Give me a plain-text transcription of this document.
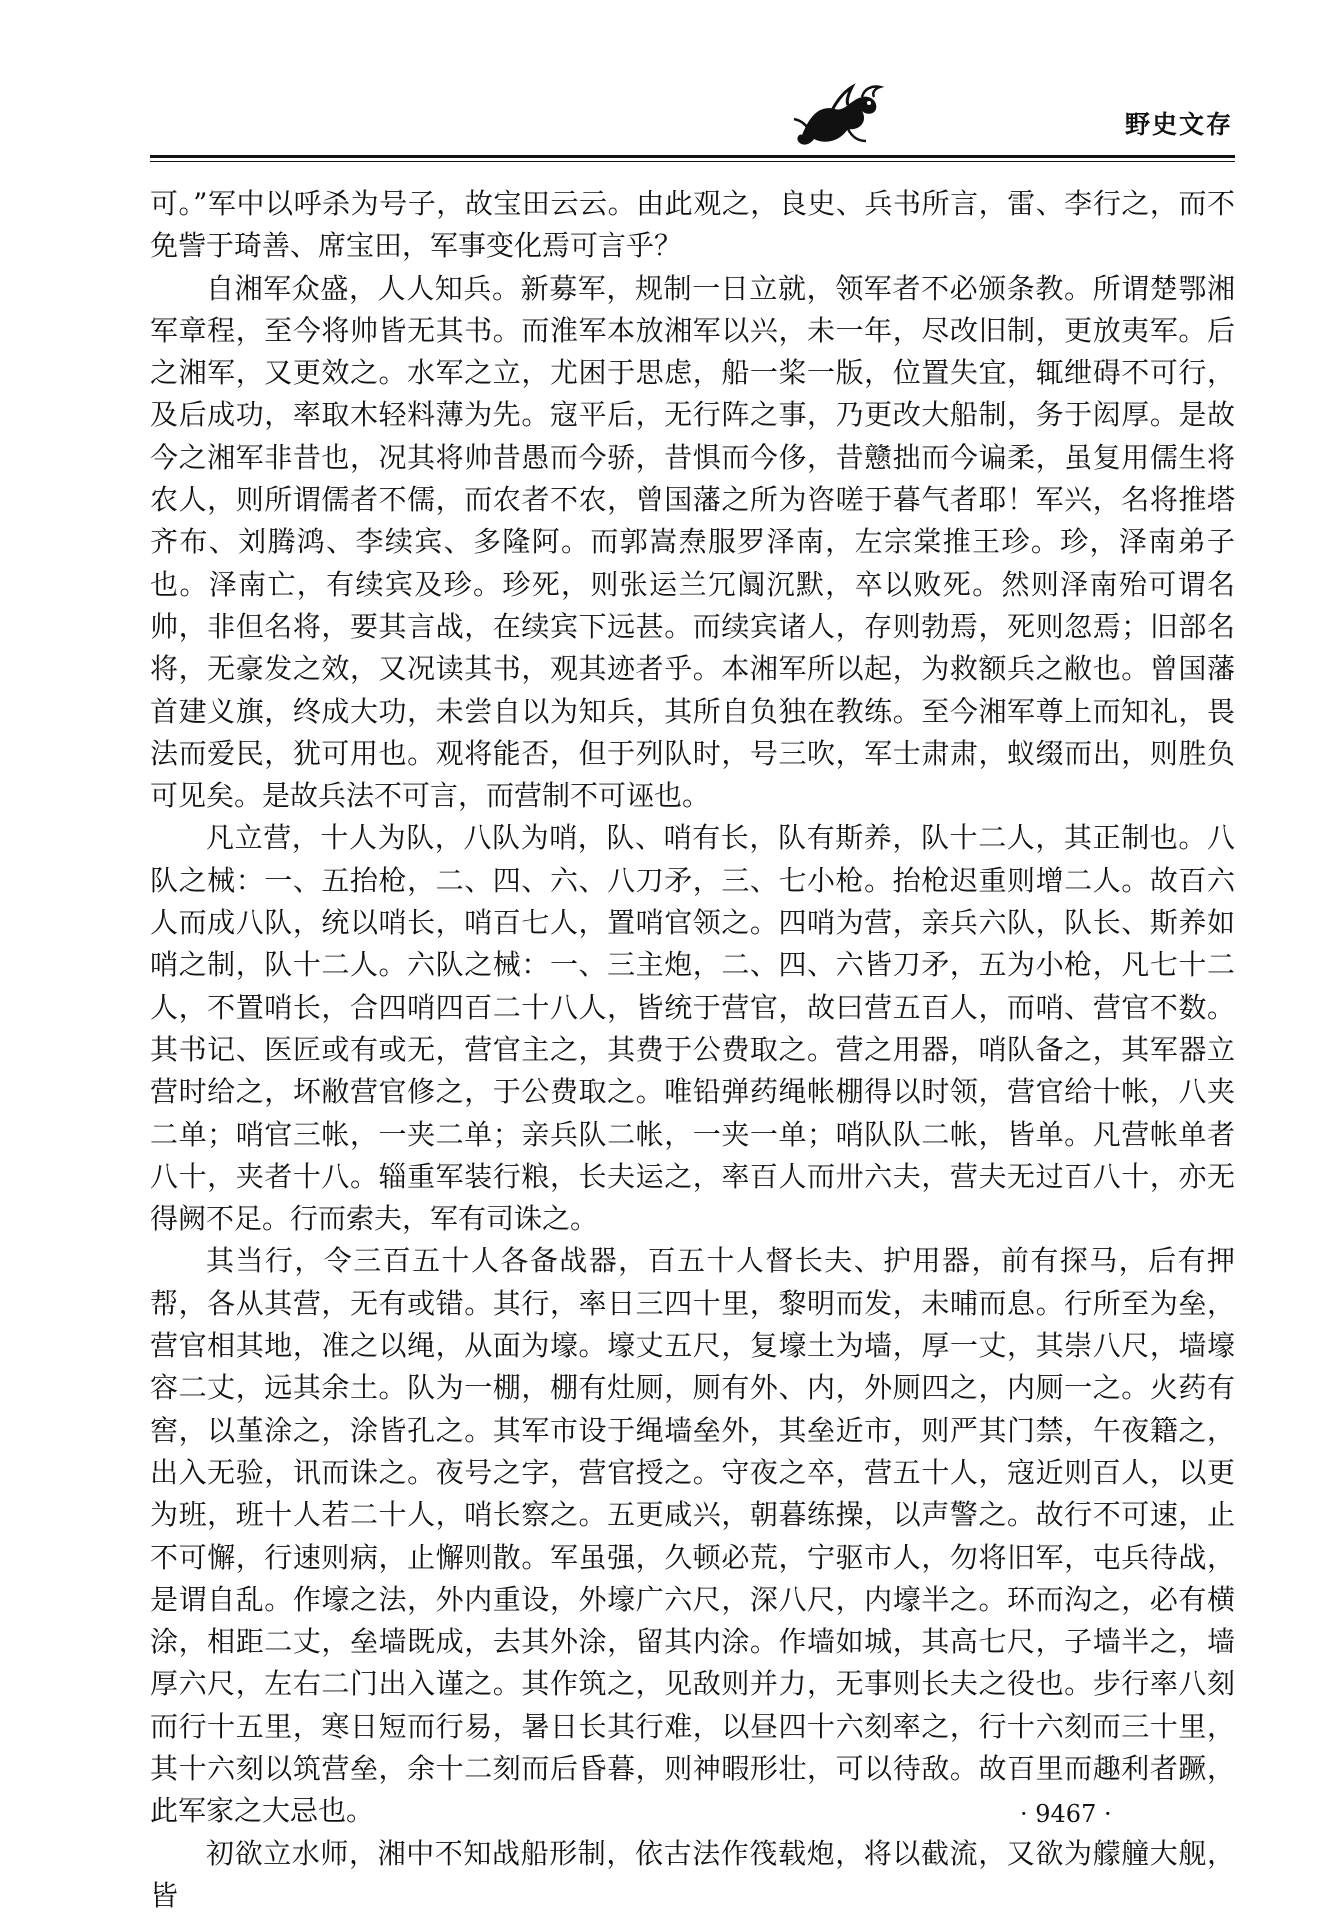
野史文存

可。”军中以呼杀为号子，故宝田云云。由此观之，良史、兵书所言，雷、李行之，而不免訾于琦善、席宝田，军事变化焉可言乎？

自湘军众盛，人人知兵。新募军，规制一日立就，领军者不必颁条教。所谓楚鄂湘军章程，至今将帅皆无其书。而淮军本放湘军以兴，未一年，尽改旧制，更放夷军。后之湘军，又更效之。水军之立，尤困于思虑，船一桨一版，位置失宜，辄绁碍不可行，及后成功，率取木轻料薄为先。寇平后，无行阵之事，乃更改大船制，务于闳厚。是故今之湘军非昔也，况其将帅昔愚而今骄，昔惧而今侈，昔戆拙而今谝柔，虽复用儒生将农人，则所谓儒者不儒，而农者不农，曾国藩之所为咨嗟于暮气者耶！军兴，名将推塔齐布、刘腾鸿、李续宾、多隆阿。而郭嵩焘服罗泽南，左宗棠推王珍。珍，泽南弟子也。泽南亡，有续宾及珍。珍死，则张运兰冗阘沉默，卒以败死。然则泽南殆可谓名帅，非但名将，要其言战，在续宾下远甚。而续宾诸人，存则勃焉，死则忽焉；旧部名将，无豪发之效，又况读其书，观其迹者乎。本湘军所以起，为救额兵之敝也。曾国藩首建义旗，终成大功，未尝自以为知兵，其所自负独在教练。至今湘军尊上而知礼，畏法而爱民，犹可用也。观将能否，但于列队时，号三吹，军士肃肃，蚁缀而出，则胜负可见矣。是故兵法不可言，而营制不可诬也。

凡立营，十人为队，八队为哨，队、哨有长，队有斯养，队十二人，其正制也。八队之械：一、五抬枪，二、四、六、八刀矛，三、七小枪。抬枪迟重则增二人。故百六人而成八队，统以哨长，哨百七人，置哨官领之。四哨为营，亲兵六队，队长、斯养如哨之制，队十二人。六队之械：一、三主炮，二、四、六皆刀矛，五为小枪，凡七十二人，不置哨长，合四哨四百二十八人，皆统于营官，故曰营五百人，而哨、营官不数。其书记、医匠或有或无，营官主之，其费于公费取之。营之用器，哨队备之，其军器立营时给之，坏敝营官修之，于公费取之。唯铅弹药绳帐棚得以时领，营官给十帐，八夹二单；哨官三帐，一夹二单；亲兵队二帐，一夹一单；哨队队二帐，皆单。凡营帐单者八十，夹者十八。辎重军装行粮，长夫运之，率百人而卅六夫，营夫无过百八十，亦无得阙不足。行而索夫，军有司诛之。

其当行，令三百五十人各备战器，百五十人督长夫、护用器，前有探马，后有押帮，各从其营，无有或错。其行，率日三四十里，黎明而发，未晡而息。行所至为垒，营官相其地，准之以绳，从面为壕。壕丈五尺，复壕土为墙，厚一丈，其崇八尺，墙壕容二丈，远其余土。队为一棚，棚有灶厕，厕有外、内，外厕四之，内厕一之。火药有窖，以堇涂之，涂皆孔之。其军市设于绳墙垒外，其垒近市，则严其门禁，午夜籍之，出入无验，讯而诛之。夜号之字，营官授之。守夜之卒，营五十人，寇近则百人，以更为班，班十人若二十人，哨长察之。五更咸兴，朝暮练操，以声警之。故行不可速，止不可懈，行速则病，止懈则散。军虽强，久顿必荒，宁驱市人，勿将旧军，屯兵待战，是谓自乱。作壕之法，外内重设，外壕广六尺，深八尺，内壕半之。环而沟之，必有横涂，相距二丈，垒墙既成，去其外涂，留其内涂。作墙如城，其高七尺，子墙半之，墙厚六尺，左右二门出入谨之。其作筑之，见敌则并力，无事则长夫之役也。步行率八刻而行十五里，寒日短而行易，暑日长其行难，以昼四十六刻率之，行十六刻而三十里，其十六刻以筑营垒，余十二刻而后昏暮，则神暇形壮，可以待敌。故百里而趣利者蹶，此军家之大忌也。

初欲立水师，湘中不知战船形制，依古法作筏载炮，将以截流，又欲为艨艟大舰，皆

· 9467 ·
